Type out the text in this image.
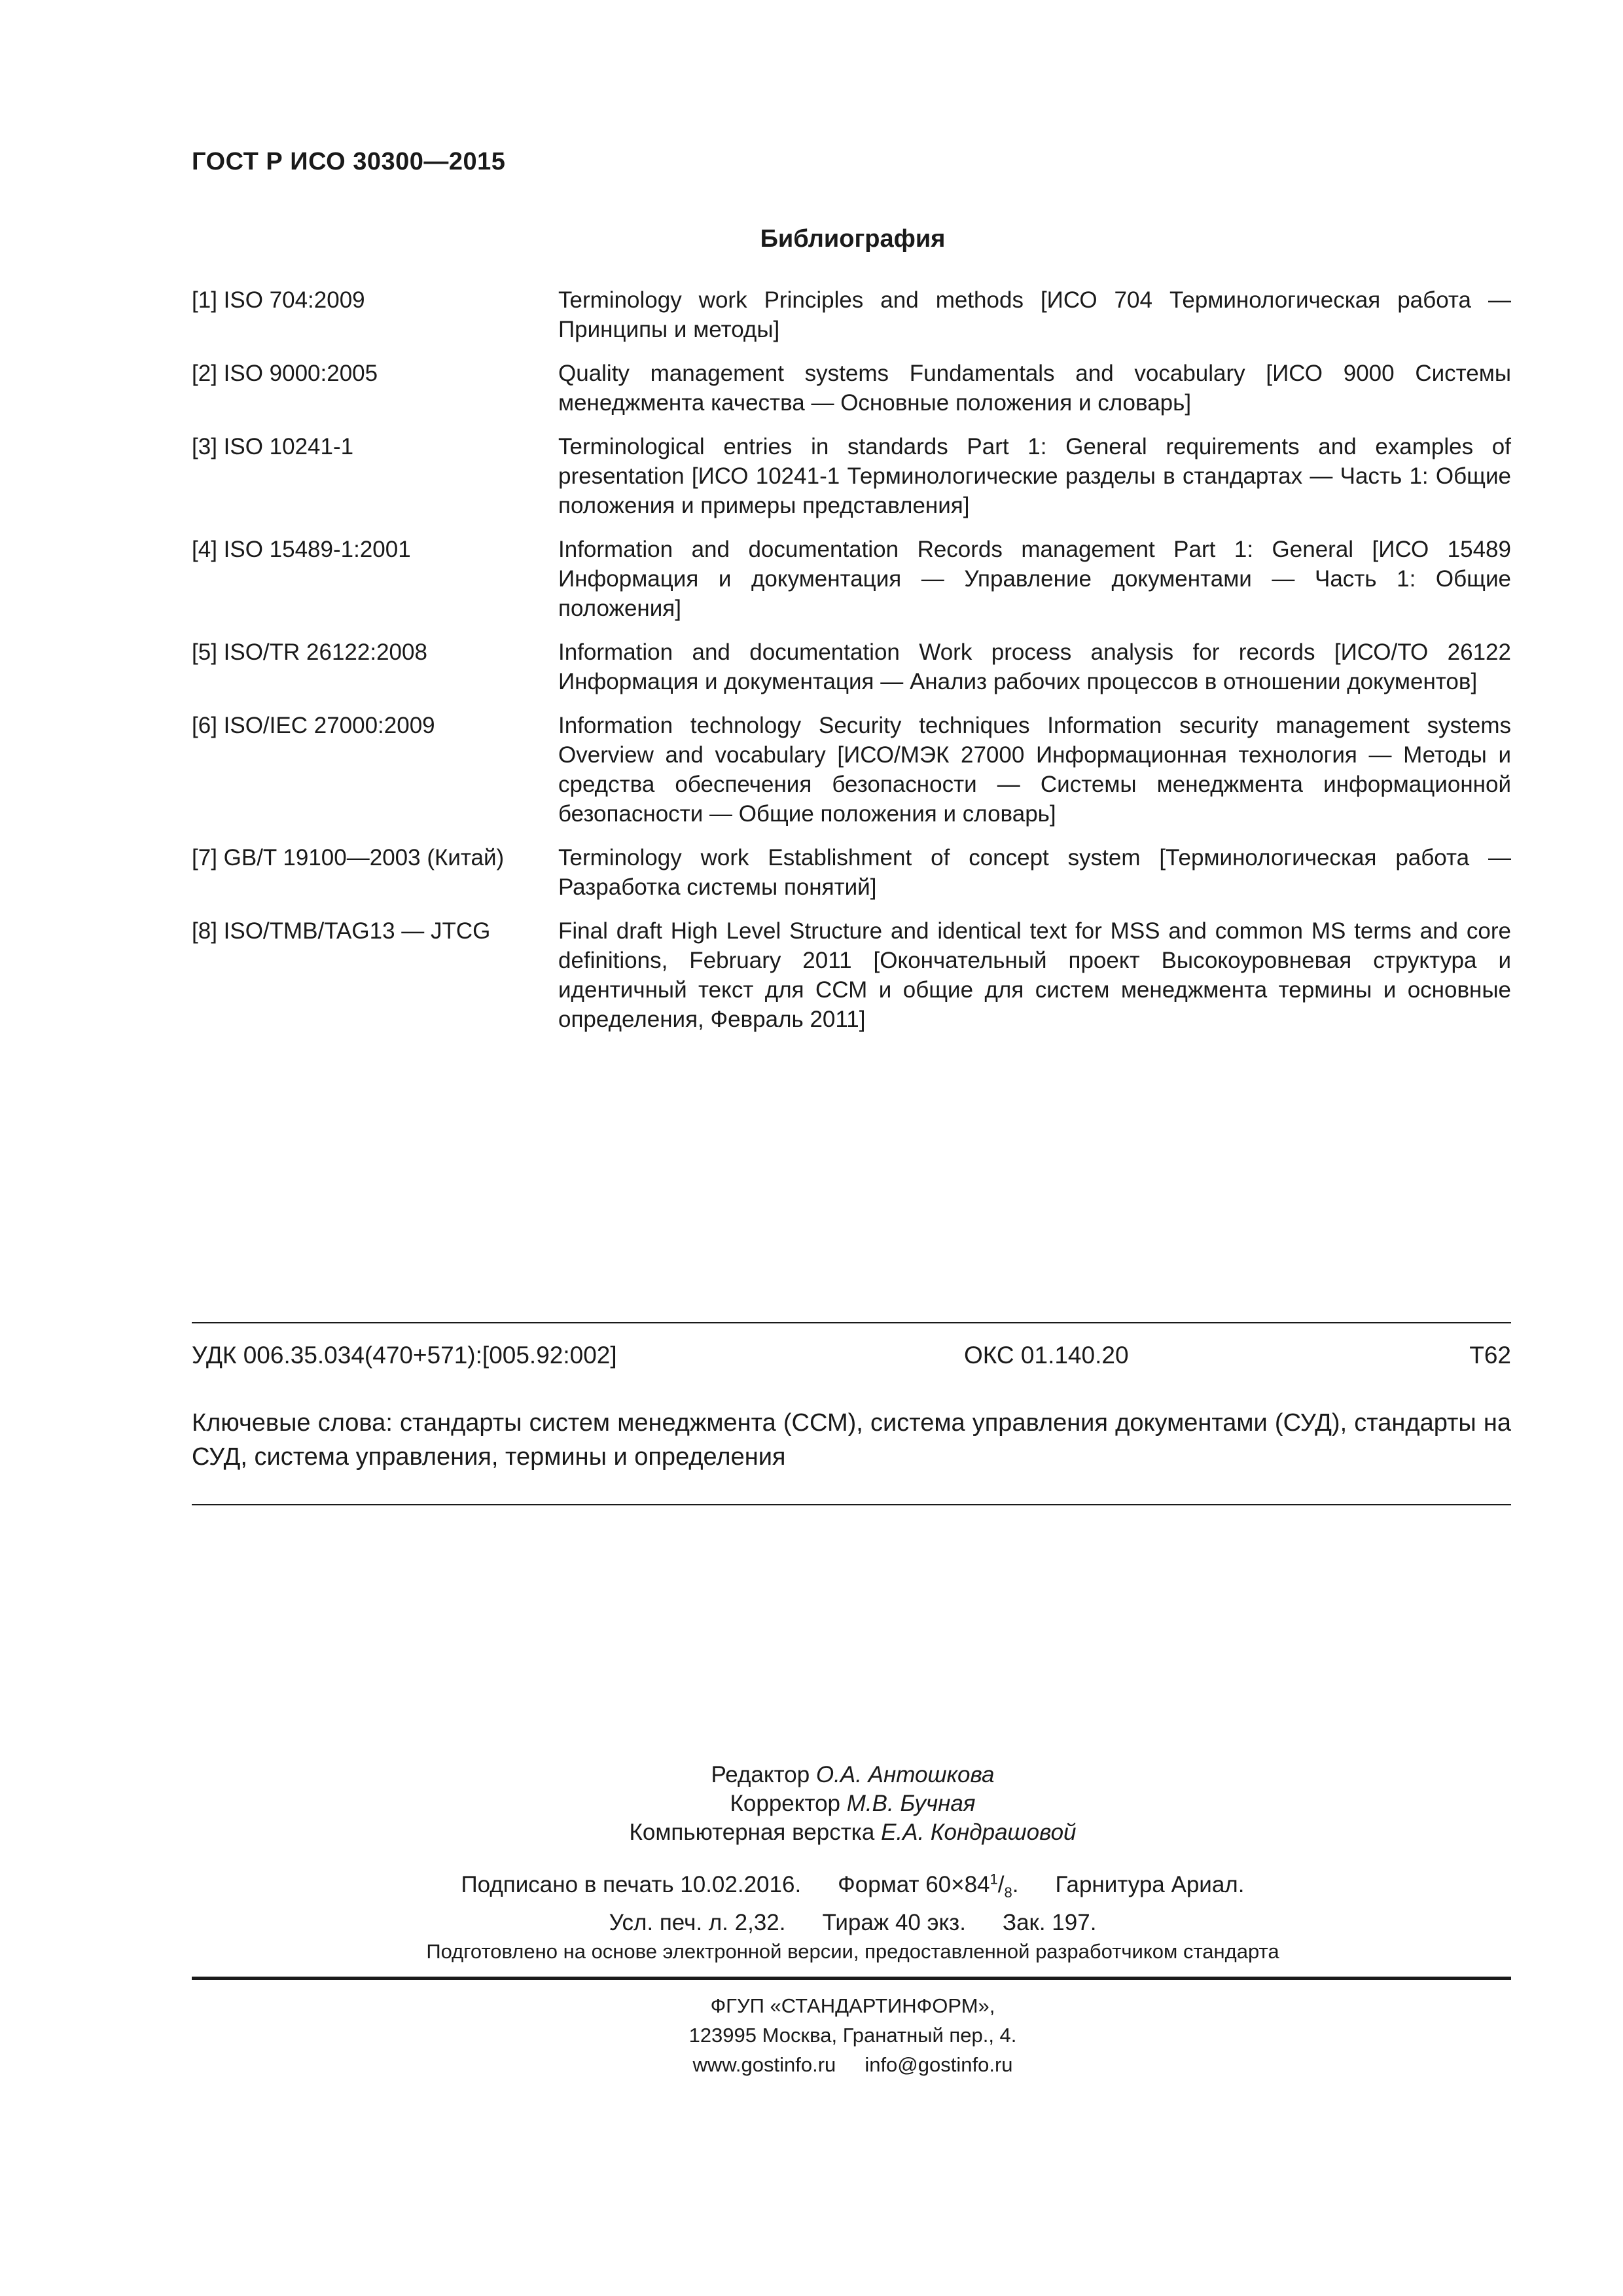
ГОСТ Р ИСО 30300—2015
Библиография
[1] ISO 704:2009	Terminology work Principles and methods [ИСО 704 Терминологическая работа — Принципы и методы]
[2] ISO 9000:2005	Quality management systems Fundamentals and vocabulary [ИСО 9000 Системы менеджмента качества — Основные положения и словарь]
[3] ISO 10241-1	Terminological entries in standards Part 1: General requirements and examples of presentation [ИСО 10241-1 Терминологические разделы в стандартах — Часть 1: Общие положения и примеры представления]
[4] ISO 15489-1:2001	Information and documentation Records management Part 1: General [ИСО 15489 Информация и документация — Управление документами — Часть 1: Общие положения]
[5] ISO/TR 26122:2008	Information and documentation Work process analysis for records [ИСО/ТО 26122 Информация и документация — Анализ рабочих процессов в отношении документов]
[6] ISO/IEC 27000:2009	Information technology Security techniques Information security management systems Overview and vocabulary [ИСО/МЭК 27000 Информационная технология — Методы и средства обеспечения безопасности — Системы менеджмента информационной безопасности — Общие положения и словарь]
[7] GB/T 19100—2003 (Китай)	Terminology work Establishment of concept system [Терминологическая работа — Разработка системы понятий]
[8] ISO/TMB/TAG13 — JTCG	Final draft High Level Structure and identical text for MSS and common MS terms and core definitions, February 2011 [Окончательный проект Высокоуровневая структура и идентичный текст для ССМ и общие для систем менеджмента термины и основные определения, Февраль 2011]
УДК 006.35.034(470+571):[005.92:002]	ОКС 01.140.20	Т62
Ключевые слова: стандарты систем менеджмента (ССМ), система управления документами (СУД), стандарты на СУД, система управления, термины и определения
Редактор О.А. Антошкова
Корректор М.В. Бучная
Компьютерная верстка Е.А. Кондрашовой
Подписано в печать 10.02.2016. Формат $60\times 84^1/_8$. Гарнитура Ариал.
Усл. печ. л. 2,32. Тираж 40 экз. Зак. 197.
Подготовлено на основе электронной версии, предоставленной разработчиком стандарта
ФГУП «СТАНДАРТИНФОРМ»,
123995 Москва, Гранатный пер., 4.
www.gostinfo.ru info@gostinfo.ru
